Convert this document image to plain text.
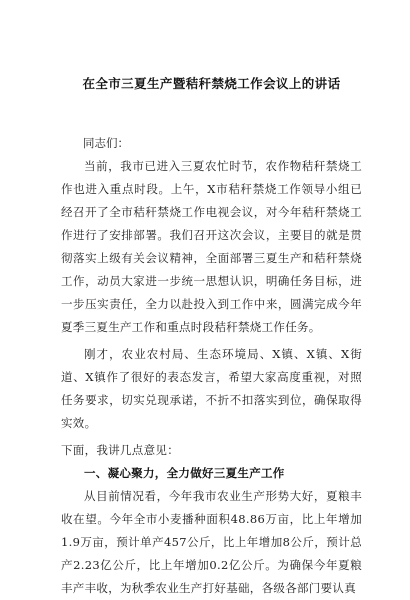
在全市三夏生产暨秸秆禁烧工作会议上的讲话

同志们：

当前，我市已进入三夏农忙时节，农作物秸秆禁烧工作也进入重点时段。上午，X市秸秆禁烧工作领导小组已经召开了全市秸秆禁烧工作电视会议，对今年秸秆禁烧工作进行了安排部署。我们召开这次会议，主要目的就是贯彻落实上级有关会议精神，全面部署三夏生产和秸秆禁烧工作，动员大家进一步统一思想认识，明确任务目标，进一步压实责任，全力以赴投入到工作中来，圆满完成今年夏季三夏生产工作和重点时段秸秆禁烧工作任务。

刚才，农业农村局、生态环境局、X镇、X镇、X街道、X镇作了很好的表态发言，希望大家高度重视，对照任务要求，切实兑现承诺，不折不扣落实到位，确保取得实效。

下面，我讲几点意见：

一、凝心聚力，全力做好三夏生产工作

从目前情况看，今年我市农业生产形势大好，夏粮丰收在望。今年全市小麦播种面积48.86万亩，比上年增加1.9万亩，预计单产457公斤，比上年增加8公斤，预计总产2.23亿公斤，比上年增加0.2亿公斤。为确保今年夏粮丰产丰收，为秋季农业生产打好基础，各级各部门要认真
